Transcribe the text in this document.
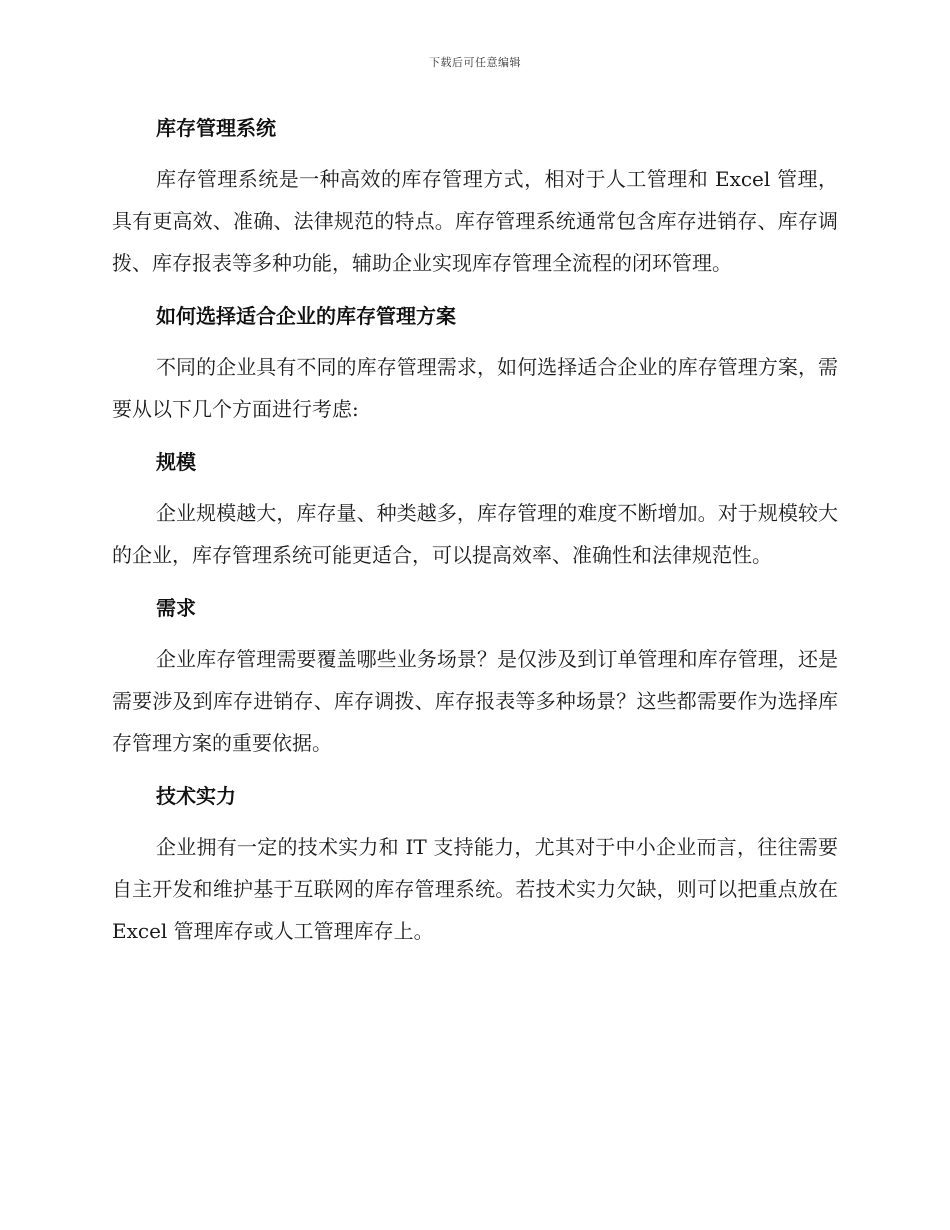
下载后可任意编辑
库存管理系统

库存管理系统是一种高效的库存管理方式，相对于人工管理和 Excel 管理，具有更高效、准确、法律规范的特点。库存管理系统通常包含库存进销存、库存调拨、库存报表等多种功能，辅助企业实现库存管理全流程的闭环管理。

如何选择适合企业的库存管理方案

不同的企业具有不同的库存管理需求，如何选择适合企业的库存管理方案，需要从以下几个方面进行考虑:

规模

企业规模越大，库存量、种类越多，库存管理的难度不断增加。对于规模较大的企业，库存管理系统可能更适合，可以提高效率、准确性和法律规范性。

需求

企业库存管理需要覆盖哪些业务场景？是仅涉及到订单管理和库存管理，还是需要涉及到库存进销存、库存调拨、库存报表等多种场景？这些都需要作为选择库存管理方案的重要依据。

技术实力

企业拥有一定的技术实力和 IT 支持能力，尤其对于中小企业而言，往往需要自主开发和维护基于互联网的库存管理系统。若技术实力欠缺，则可以把重点放在 Excel 管理库存或人工管理库存上。
